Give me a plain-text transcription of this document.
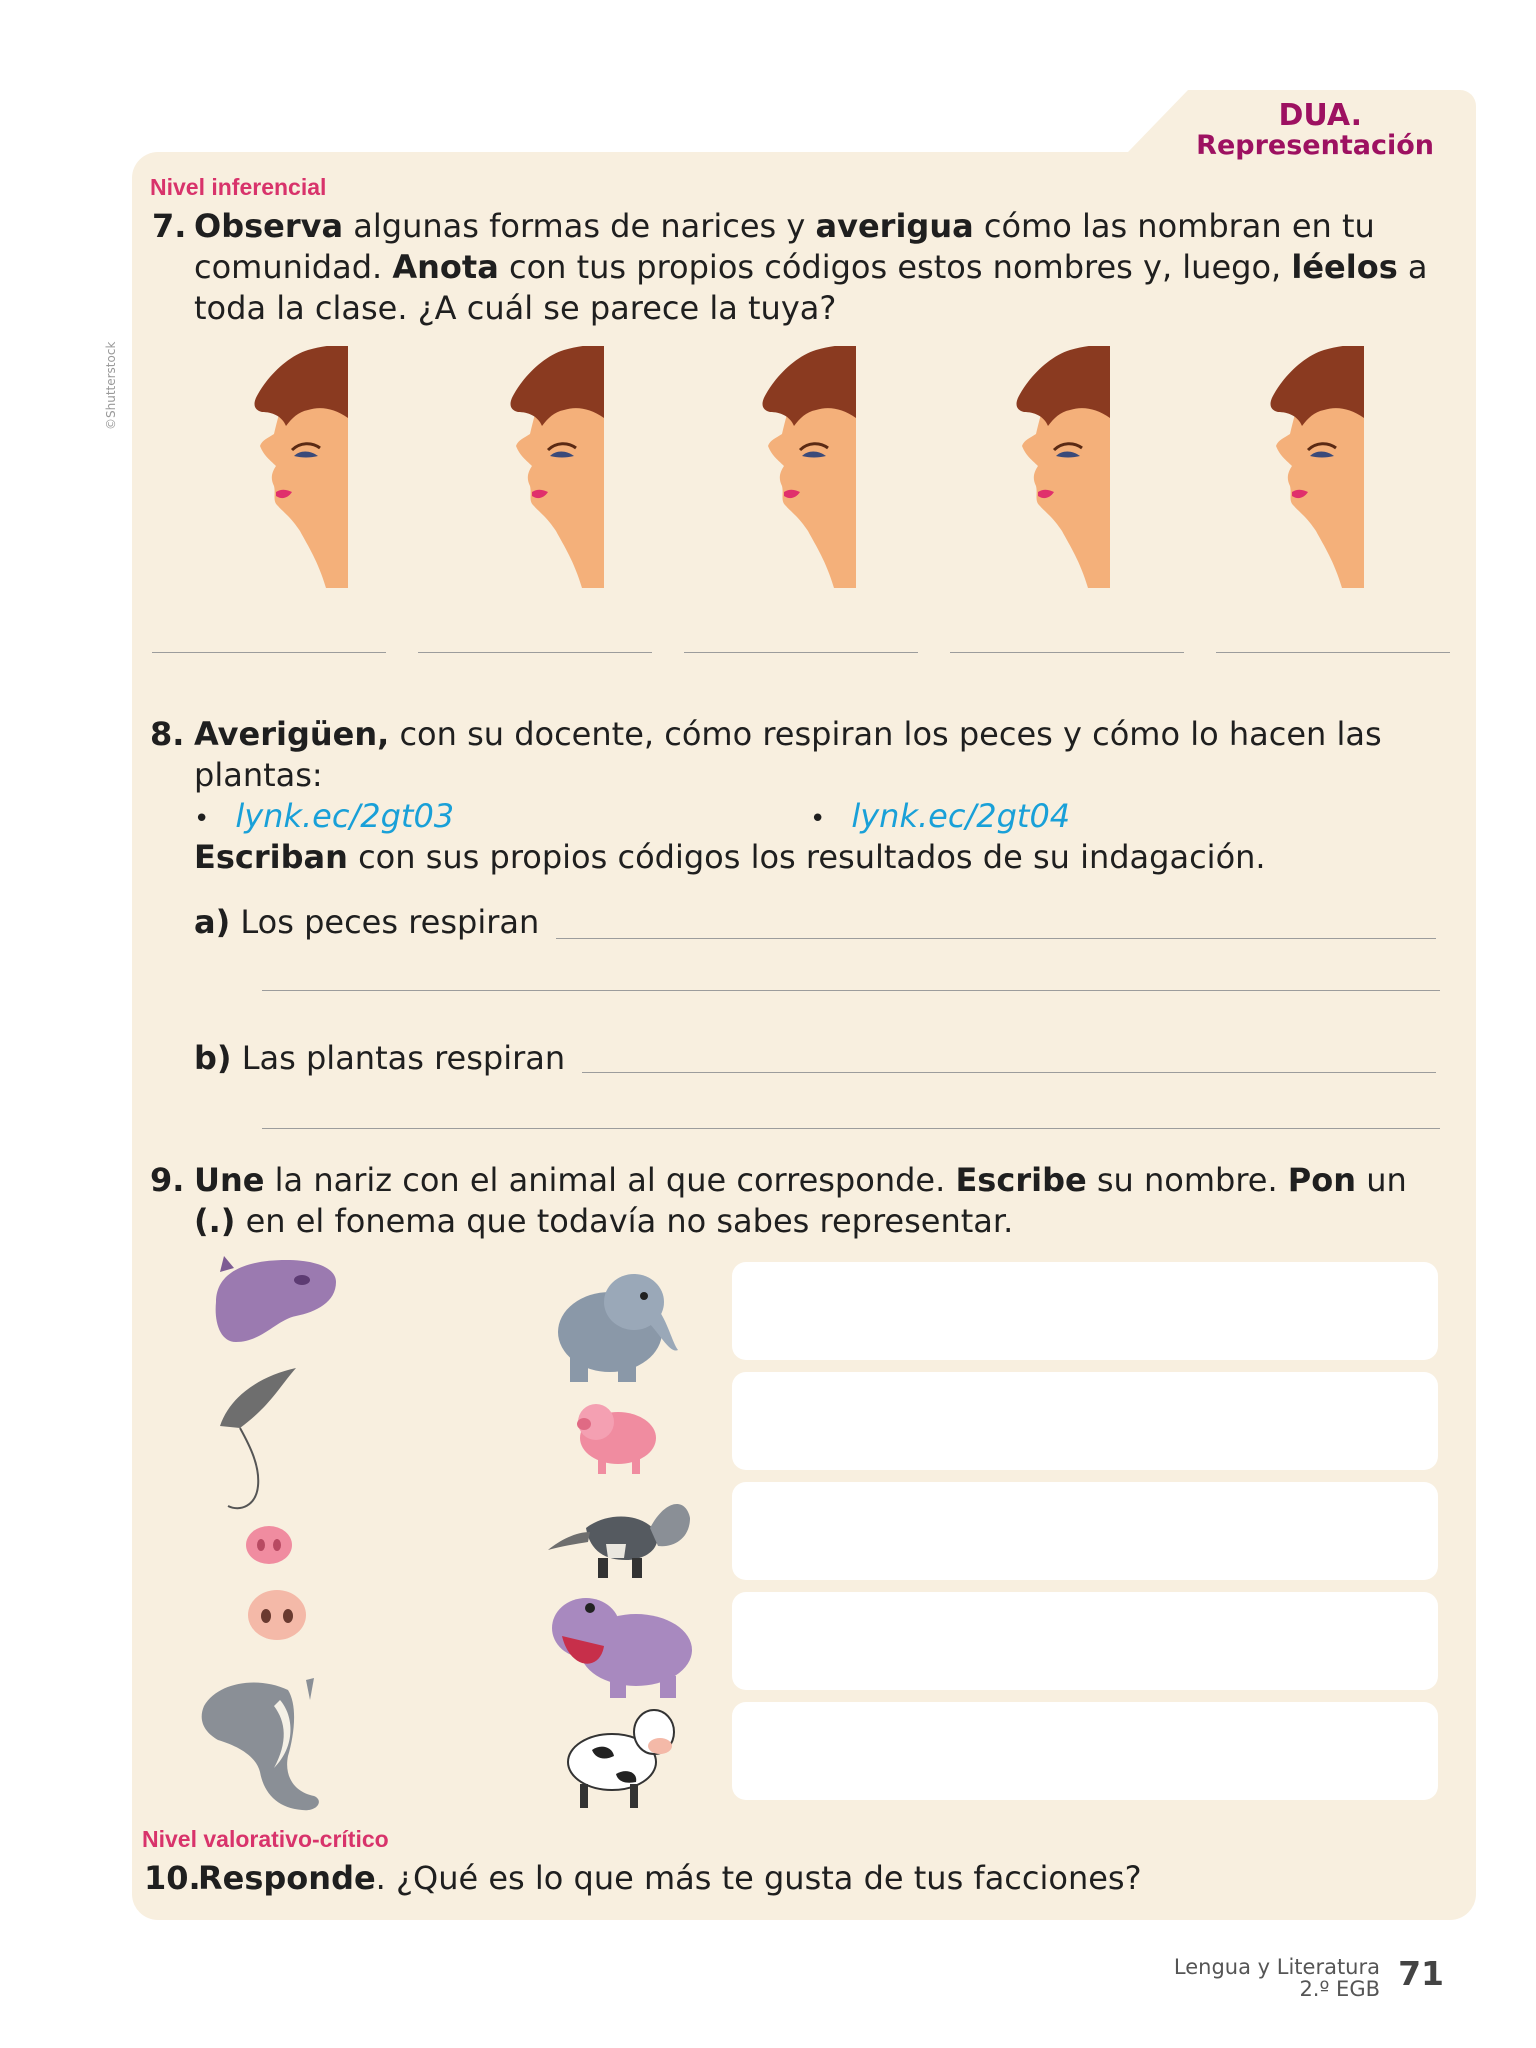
DUA.
Representación
©Shutterstock
Nivel inferencial
7. Observa algunas formas de narices y averigua cómo las nombran en tu
comunidad. Anota con tus propios códigos estos nombres y, luego, léelos a
toda la clase. ¿A cuál se parece la tuya?
8. Averigüen, con su docente, cómo respiran los peces y cómo lo hacen las
plantas:
• lynk.ec/2gt03	• lynk.ec/2gt04
Escriban con sus propios códigos los resultados de su indagación.
a) Los peces respiran
b) Las plantas respiran
9. Une la nariz con el animal al que corresponde. Escribe su nombre. Pon un
(.) en el fonema que todavía no sabes representar.
Nivel valorativo-crítico
10.Responde. ¿Qué es lo que más te gusta de tus facciones?
Lengua y Literatura
2.º EGB 71
